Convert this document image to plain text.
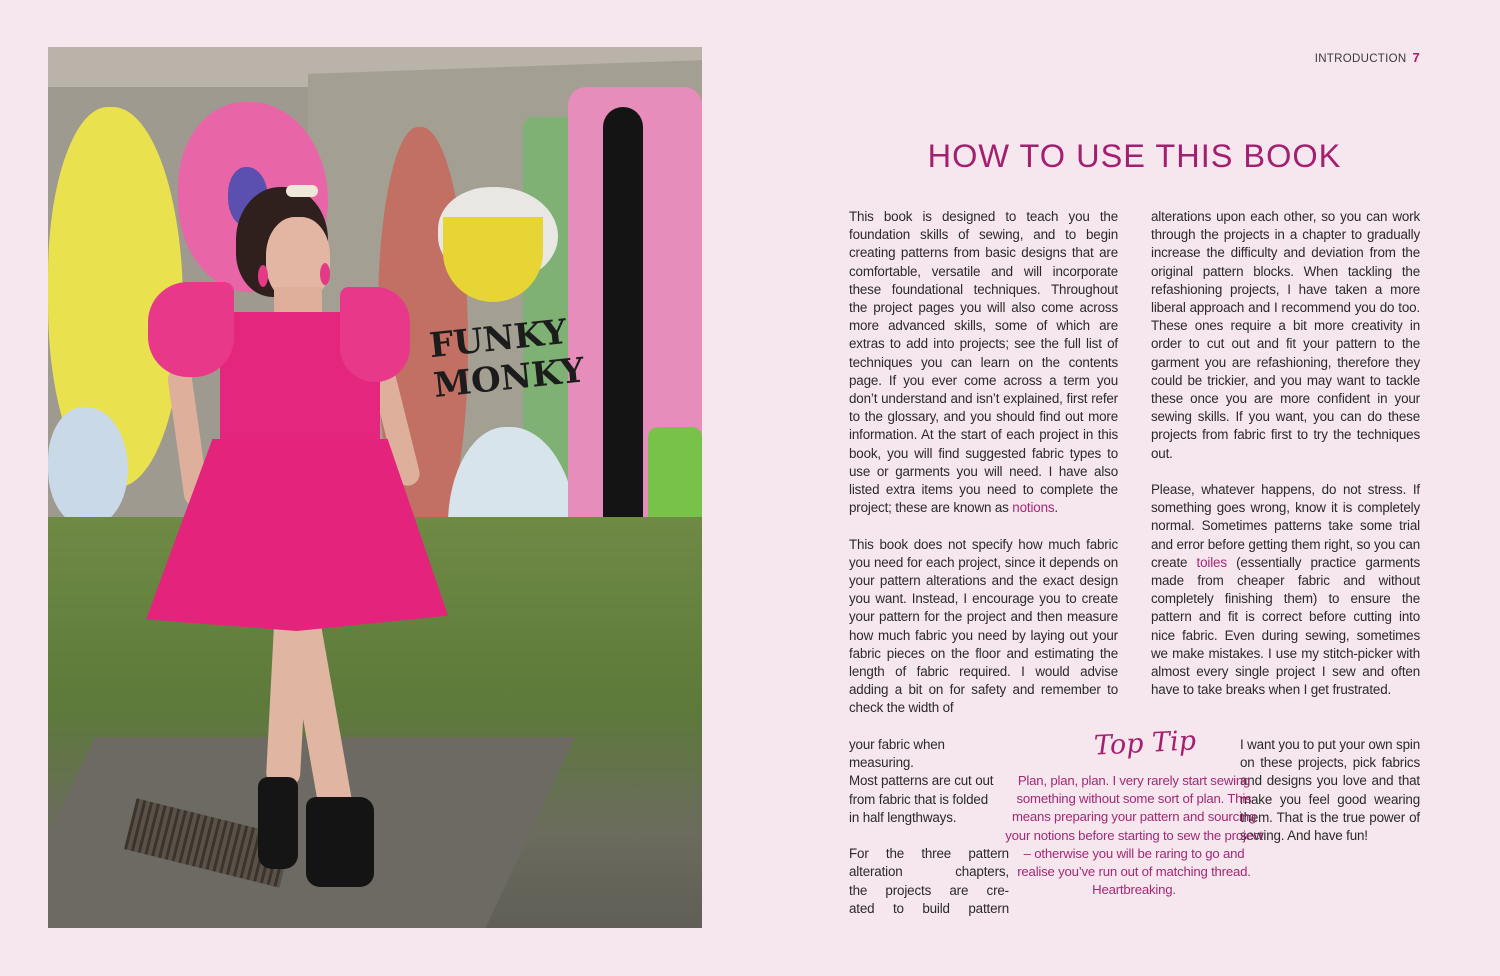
FUNKY MONKY
INTRODUCTION 7
HOW TO USE THIS BOOK

This book is designed to teach you the foundation skills of sewing, and to begin creating patterns from basic designs that are comfortable, versatile and will incorporate these foundational techniques. Throughout the project pages you will also come across more advanced skills, some of which are extras to add into projects; see the full list of techniques you can learn on the contents page. If you ever come across a term you don’t understand and isn’t explained, first refer to the glossary, and you should find out more information. At the start of each project in this book, you will find suggested fabric types to use or garments you will need. I have also listed extra items you need to complete the project; these are known as notions.

This book does not specify how much fabric you need for each project, since it depends on your pattern alterations and the exact design you want. Instead, I encourage you to create your pattern for the project and then measure how much fabric you need by laying out your fabric pieces on the floor and estimating the length of fabric required. I would advise adding a bit on for safety and remember to check the width of

your fabric when measuring.
Most patterns are cut out
from fabric that is folded
in half lengthways.

For the three pattern
alteration chapters,
the projects are cre-
ated to build pattern

alterations upon each other, so you can work through the projects in a chapter to gradually increase the difficulty and deviation from the original pattern blocks. When tackling the refashioning projects, I have taken a more liberal approach and I recommend you do too. These ones require a bit more creativity in order to cut out and fit your pattern to the garment you are refashioning, therefore they could be trickier, and you may want to tackle these once you are more confident in your sewing skills. If you want, you can do these projects from fabric first to try the techniques out.

Please, whatever happens, do not stress. If something goes wrong, know it is completely normal. Sometimes patterns take some trial and error before getting them right, so you can create toiles (essentially practice garments made from cheaper fabric and without completely finishing them) to ensure the pattern and fit is correct before cutting into nice fabric. Even during sewing, sometimes we make mistakes. I use my stitch-picker with almost every single project I sew and often have to take breaks when I get frustrated.

I want you to put your own spin on these projects, pick fabrics and designs you love and that make you feel good wearing them. That is the true power of sewing. And have fun!
Top Tip
Plan, plan, plan. I very rarely start sewing something without some sort of plan. This means preparing your pattern and sourcing your notions before starting to sew the project – otherwise you will be raring to go and realise you’ve run out of matching thread. Heartbreaking.
